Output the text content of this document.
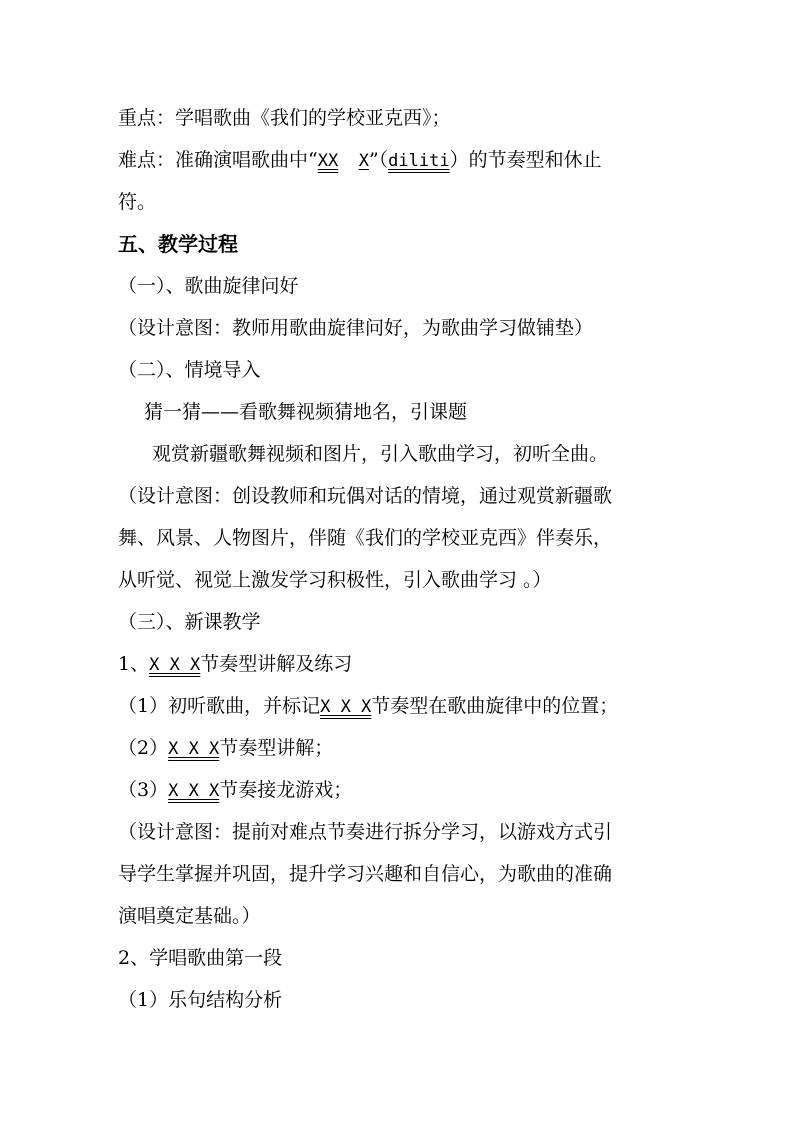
重点：学唱歌曲《我们的学校亚克西》；
难点：准确演唱歌曲中“XX X”（diliti）的节奏型和休止
符。
五、教学过程
（一）、歌曲旋律问好
（设计意图：教师用歌曲旋律问好，为歌曲学习做铺垫）
（二）、情境导入
猜一猜——看歌舞视频猜地名，引课题
观赏新疆歌舞视频和图片，引入歌曲学习，初听全曲。
（设计意图：创设教师和玩偶对话的情境，通过观赏新疆歌
舞、风景、人物图片，伴随《我们的学校亚克西》伴奏乐，
从听觉、视觉上激发学习积极性，引入歌曲学习 。）
（三）、新课教学
1、X X X节奏型讲解及练习
（1）初听歌曲，并标记X X X节奏型在歌曲旋律中的位置；
（2）X X X节奏型讲解；
（3）X X X节奏接龙游戏；
（设计意图：提前对难点节奏进行拆分学习，以游戏方式引
导学生掌握并巩固，提升学习兴趣和自信心，为歌曲的准确
演唱奠定基础。）
2、学唱歌曲第一段
（1）乐句结构分析
